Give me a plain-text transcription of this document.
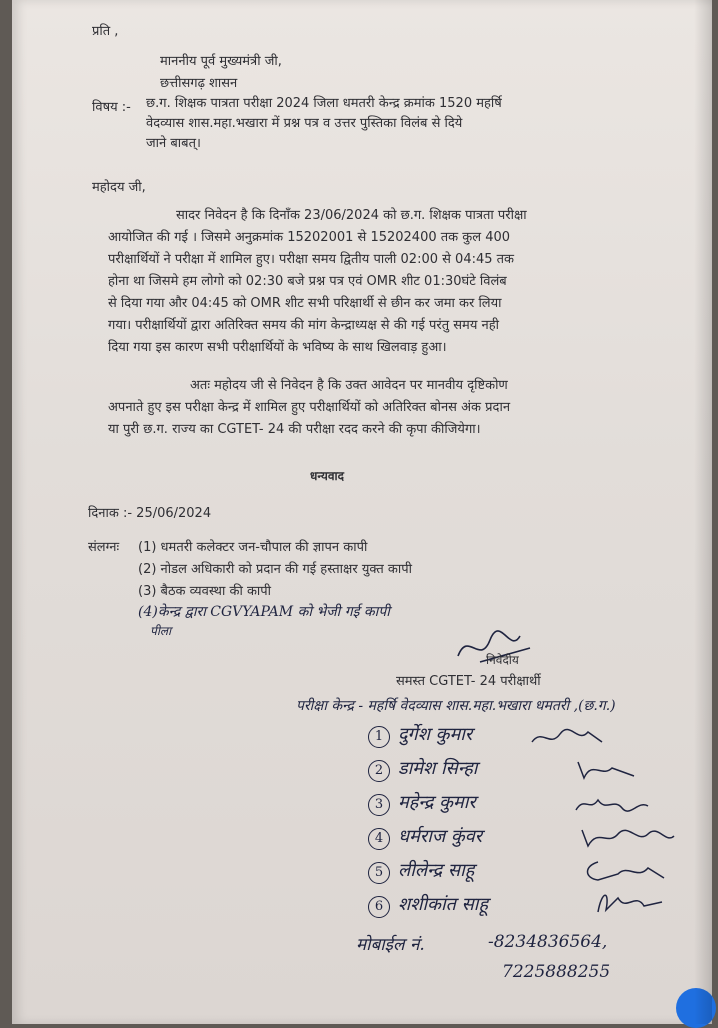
प्रति ,
माननीय पूर्व मुख्यमंत्री जी,
छत्तीसगढ़ शासन
विषय :- छ.ग. शिक्षक पात्रता परीक्षा 2024 जिला धमतरी केन्द्र क्रमांक 1520 महर्षि
वेदव्यास शास.महा.भखारा में प्रश्न पत्र व उत्तर पुस्तिका विलंब से दिये
जाने बाबत्।
महोदय जी,
सादर निवेदन है कि दिनाँक 23/06/2024 को छ.ग. शिक्षक पात्रता परीक्षा
आयोजित की गई । जिसमे अनुक्रमांक 15202001 से 15202400 तक कुल 400
परीक्षार्थियों ने परीक्षा में शामिल हुए। परीक्षा समय द्वितीय पाली 02:00 से 04:45 तक
होना था जिसमे हम लोगो को 02:30 बजे प्रश्न पत्र एवं OMR शीट 01:30घंटे विलंब
से दिया गया और 04:45 को OMR शीट सभी परिक्षार्थी से छीन कर जमा कर लिया
गया। परीक्षार्थियों द्वारा अतिरिक्त समय की मांग केन्द्राध्यक्ष से की गई परंतु समय नही
दिया गया इस कारण सभी परीक्षार्थियों के भविष्य के साथ खिलवाड़ हुआ।
अतः महोदय जी से निवेदन है कि उक्त आवेदन पर मानवीय दृष्टिकोण
अपनाते हुए इस परीक्षा केन्द्र में शामिल हुए परीक्षार्थियों को अतिरिक्त बोनस अंक प्रदान
या पुरी छ.ग. राज्य का CGTET- 24 की परीक्षा रदद करने की कृपा कीजियेगा।
धन्यवाद
दिनाक :- 25/06/2024
संलग्नः (1) धमतरी कलेक्टर जन-चौपाल की ज्ञापन कापी
(2) नोडल अधिकारी को प्रदान की गई हस्ताक्षर युक्त कापी
(3) बैठक व्यवस्था की कापी
(4)केन्द्र द्वारा CGVYAPAM को भेजी गई कापी
पीला
निवेदीय
समस्त CGTET- 24 परीक्षार्थी
परीक्षा केन्द्र - महर्षि वेदव्यास शास.महा.भखारा धमतरी ,(छ.ग.)
1 दुर्गेश कुमार
2 डामेश सिन्हा
3 महेन्द्र कुमार
4 धर्मराज कुंवर
5 लीलेन्द्र साहू
6 शशीकांत साहू
मोबाईल नं.	-8234836564,
7225888255
